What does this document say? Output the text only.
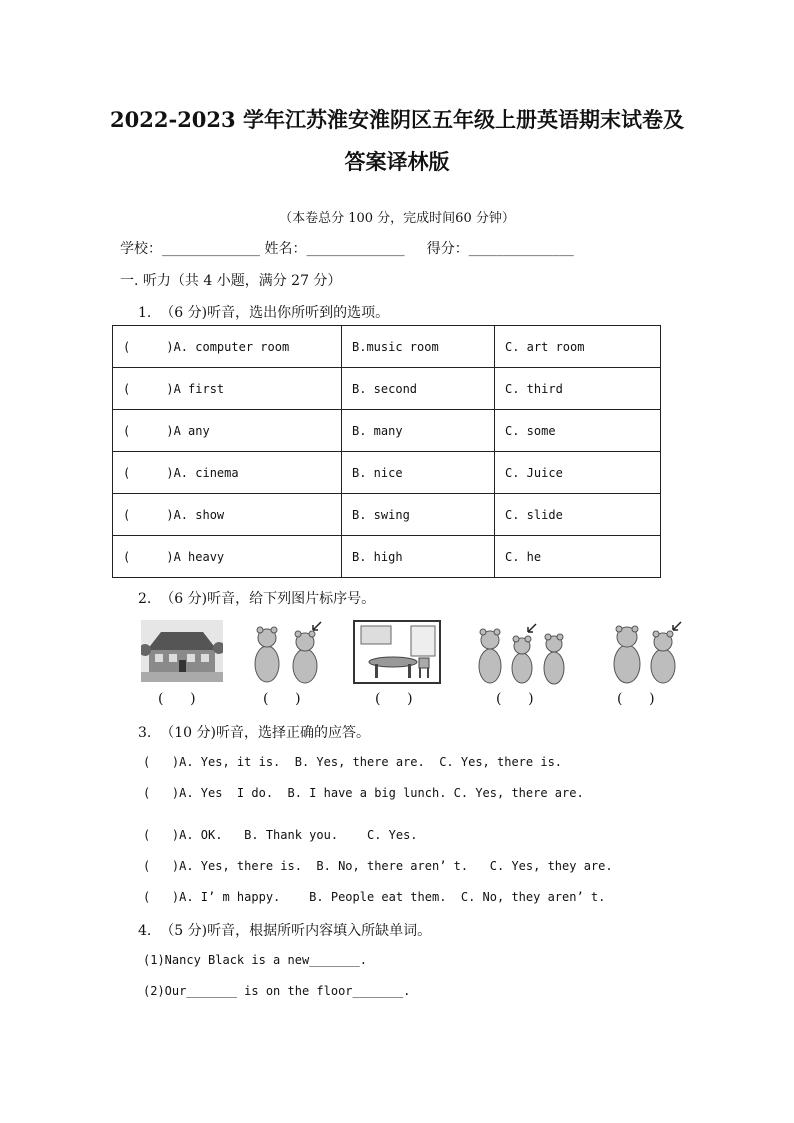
2022-2023 学年江苏淮安淮阴区五年级上册英语期末试卷及
答案译林版
（本卷总分 100 分，完成时间60 分钟）
学校：______________ 姓名：______________     得分：_______________
一. 听力（共 4 小题，满分 27 分）
1.  （6 分)听音，选出你所听到的选项。
(     )A. computer room	B.music room	C. art room
(     )A first	B. second	C. third
(     )A any	B. many	C. some
(     )A. cinema	B. nice	C. Juice
(     )A. show	B. swing	C. slide
(     )A heavy	B. high	C. he
2.  （6 分)听音，给下列图片标序号。
(      )	(      )	(      )	(      )	(      )
3.  （10 分)听音，选择正确的应答。
(   )A. Yes, it is.  B. Yes, there are.  C. Yes, there is.
(   )A. Yes  I do.  B. I have a big lunch. C. Yes, there are.
(   )A. OK.   B. Thank you.    C. Yes.
(   )A. Yes, there is.  B. No, there aren’ t.   C. Yes, they are.
(   )A. I’ m happy.    B. People eat them.  C. No, they aren’ t.
4.  （5 分)听音，根据所听内容填入所缺单词。
(1)Nancy Black is a new_______.
(2)Our_______ is on the floor_______.
